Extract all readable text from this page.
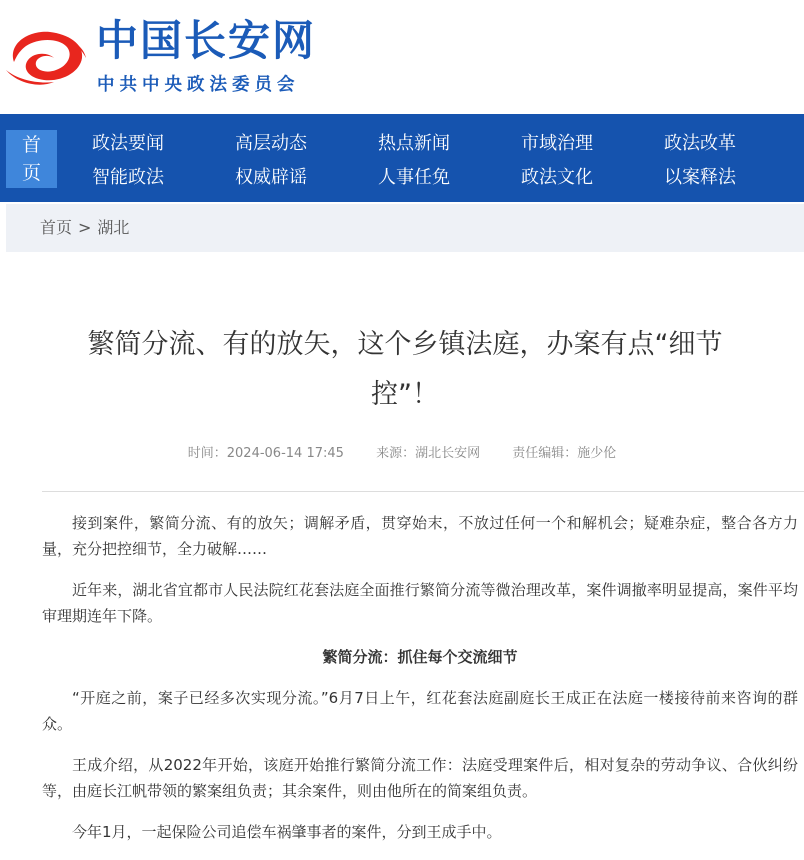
中国长安网
中共中央政法委员会
首
页
政法要闻	高层动态	热点新闻	市域治理	政法改革
智能政法	权威辟谣	人事任免	政法文化	以案释法
首页 > 湖北
繁简分流、有的放矢，这个乡镇法庭，办案有点“细节控”！
时间：2024-06-14 17:45 来源：湖北长安网 责任编辑：施少伦

接到案件，繁简分流、有的放矢；调解矛盾，贯穿始末，不放过任何一个和解机会；疑难杂症，整合各方力量，充分把控细节，全力破解……

近年来，湖北省宜都市人民法院红花套法庭全面推行繁简分流等微治理改革，案件调撤率明显提高，案件平均审理期连年下降。

繁简分流：抓住每个交流细节

“开庭之前，案子已经多次实现分流。”6月7日上午，红花套法庭副庭长王成正在法庭一楼接待前来咨询的群众。

王成介绍，从2022年开始，该庭开始推行繁简分流工作：法庭受理案件后，相对复杂的劳动争议、合伙纠纷等，由庭长江帆带领的繁案组负责；其余案件，则由他所在的简案组负责。

今年1月，一起保险公司追偿车祸肇事者的案件，分到王成手中。
